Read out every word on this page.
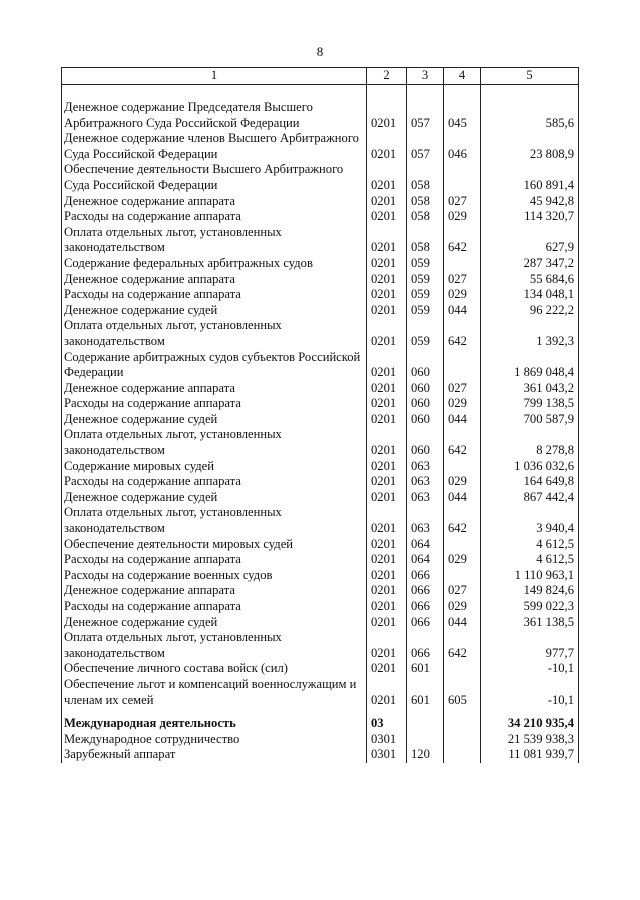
8
1	2	3	4	5

Денежное содержание Председателя Высшего Арбитражного Суда Российской Федерации	0201	057	045	585,6
Денежное содержание членов Высшего Арбитражного Суда Российской Федерации	0201	057	046	23 808,9
Обеспечение деятельности Высшего Арбитражного Суда Российской Федерации	0201	058		160 891,4
Денежное содержание аппарата	0201	058	027	45 942,8
Расходы на содержание аппарата	0201	058	029	114 320,7
Оплата отдельных льгот, установленных законодательством	0201	058	642	627,9
Содержание федеральных арбитражных судов	0201	059		287 347,2
Денежное содержание аппарата	0201	059	027	55 684,6
Расходы на содержание аппарата	0201	059	029	134 048,1
Денежное содержание судей	0201	059	044	96 222,2
Оплата отдельных льгот, установленных законодательством	0201	059	642	1 392,3
Содержание арбитражных судов субъектов Российской Федерации	0201	060		1 869 048,4
Денежное содержание аппарата	0201	060	027	361 043,2
Расходы на содержание аппарата	0201	060	029	799 138,5
Денежное содержание судей	0201	060	044	700 587,9
Оплата отдельных льгот, установленных законодательством	0201	060	642	8 278,8
Содержание мировых судей	0201	063		1 036 032,6
Расходы на содержание аппарата	0201	063	029	164 649,8
Денежное содержание судей	0201	063	044	867 442,4
Оплата отдельных льгот, установленных законодательством	0201	063	642	3 940,4
Обеспечение деятельности мировых судей	0201	064		4 612,5
Расходы на содержание аппарата	0201	064	029	4 612,5
Расходы на содержание военных судов	0201	066		1 110 963,1
Денежное содержание аппарата	0201	066	027	149 824,6
Расходы на содержание аппарата	0201	066	029	599 022,3
Денежное содержание судей	0201	066	044	361 138,5
Оплата отдельных льгот, установленных законодательством	0201	066	642	977,7
Обеспечение личного состава войск (сил)	0201	601		-10,1
Обеспечение льгот и компенсаций военнослужащим и членам их семей	0201	601	605	-10,1

Международная деятельность	03			34 210 935,4
Международное сотрудничество	0301			21 539 938,3
Зарубежный аппарат	0301	120		11 081 939,7
